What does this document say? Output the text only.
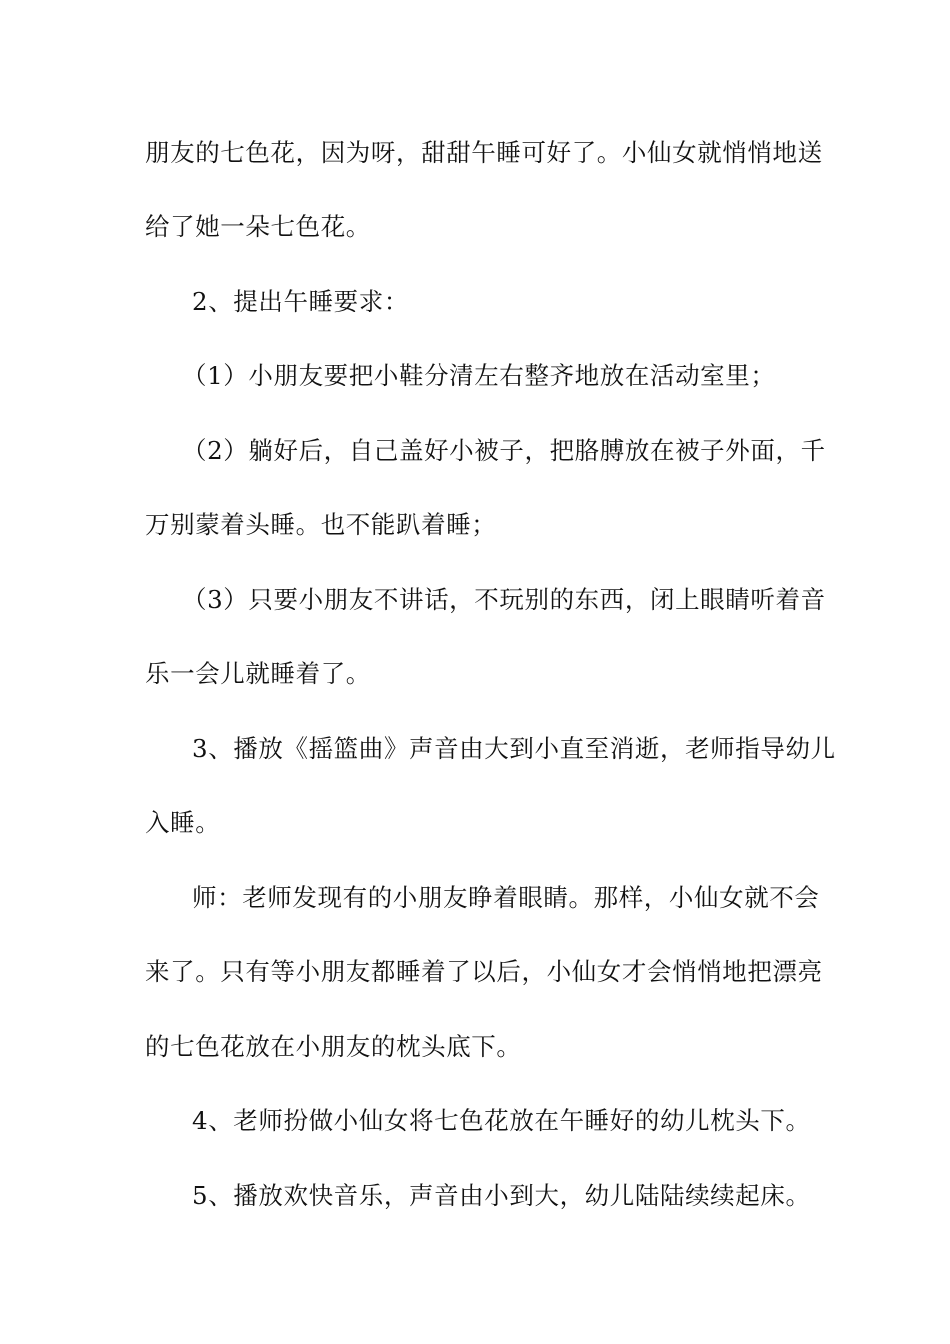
朋友的七色花，因为呀，甜甜午睡可好了。小仙女就悄悄地送
给了她一朵七色花。
2、提出午睡要求：
（1）小朋友要把小鞋分清左右整齐地放在活动室里；
（2）躺好后，自己盖好小被子，把胳膊放在被子外面，千
万别蒙着头睡。也不能趴着睡；
（3）只要小朋友不讲话，不玩别的东西，闭上眼睛听着音
乐一会儿就睡着了。
3、播放《摇篮曲》声音由大到小直至消逝，老师指导幼儿
入睡。
师：老师发现有的小朋友睁着眼睛。那样，小仙女就不会
来了。只有等小朋友都睡着了以后，小仙女才会悄悄地把漂亮
的七色花放在小朋友的枕头底下。
4、老师扮做小仙女将七色花放在午睡好的幼儿枕头下。
5、播放欢快音乐，声音由小到大，幼儿陆陆续续起床。
